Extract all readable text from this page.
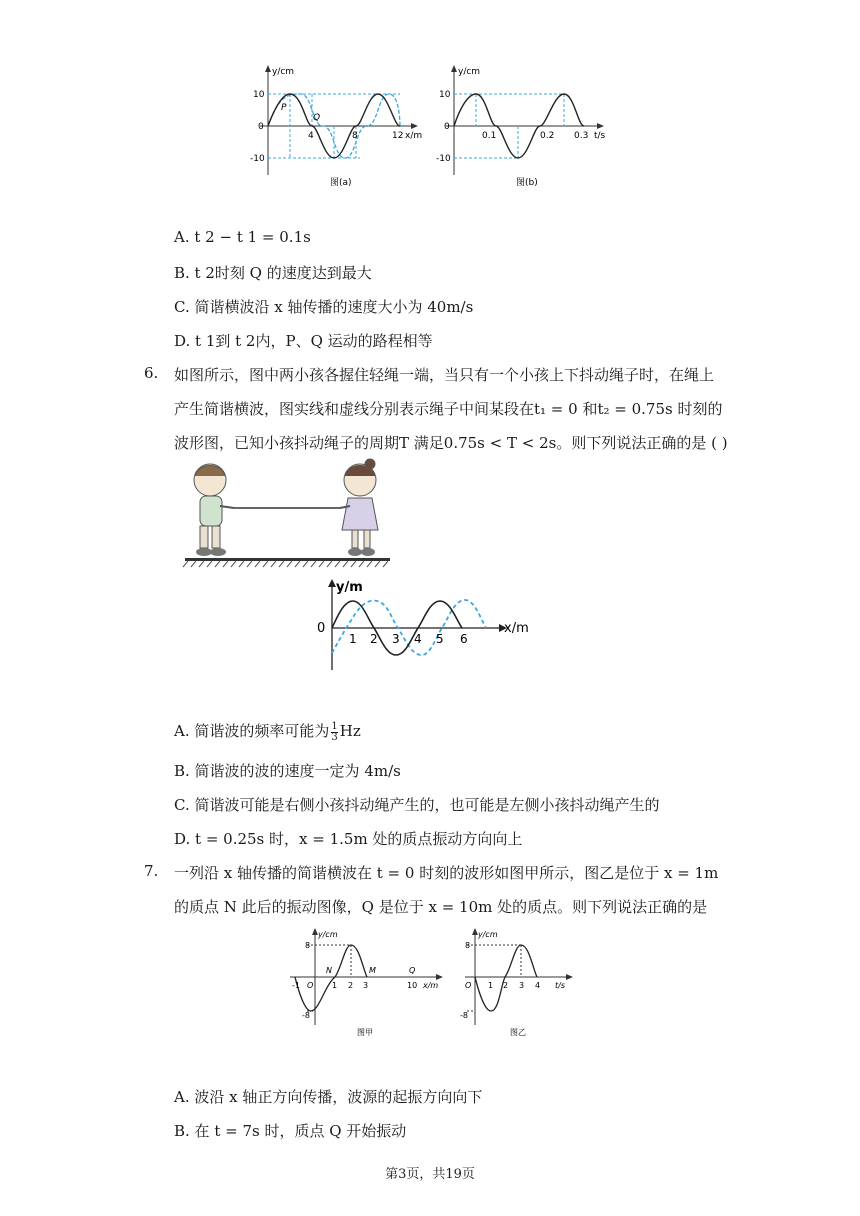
y/cm
10
0
-10
4	8	12 x/m
P
Q
图(a)
y/cm
10
0
-10
0.1	0.2 0.3 t/s
图(b)
A. t 2 − t 1 = 0.1s
B. t 2时刻 Q 的速度达到最大
C. 简谐横波沿 x 轴传播的速度大小为 40m/s
D. t 1到 t 2内，P、Q 运动的路程相等
6. 如图所示，图中两小孩各握住轻绳一端，当只有一个小孩上下抖动绳子时，在绳上
产生简谐横波，图实线和虚线分别表示绳子中间某段在t₁ = 0 和t₂ = 0.75s 时刻的
波形图，已知小孩抖动绳子的周期T 满足0.75s < T < 2s。则下列说法正确的是 ( )
y/m
0
1 2 3 4 5 6
x/m
A. 简谐波的频率可能为 $\frac{1}{3}$ Hz
B. 简谐波的波的速度一定为 4m/s
C. 简谐波可能是右侧小孩抖动绳产生的，也可能是左侧小孩抖动绳产生的
D. t = 0.25s 时，x = 1.5m 处的质点振动方向向上
7. 一列沿 x 轴传播的简谐横波在 t = 0 时刻的波形如图甲所示，图乙是位于 x = 1m
的质点 N 此后的振动图像，Q 是位于 x = 10m 处的质点。则下列说法正确的是
y/cm
8
-8
-1 O 1 2 3	10 x/m
N	M	Q
图甲
y/cm
8
-8
O 1 2 3 4 t/s
图乙
A. 波沿 x 轴正方向传播，波源的起振方向向下
B. 在 t = 7s 时，质点 Q 开始振动
第3页，共19页
